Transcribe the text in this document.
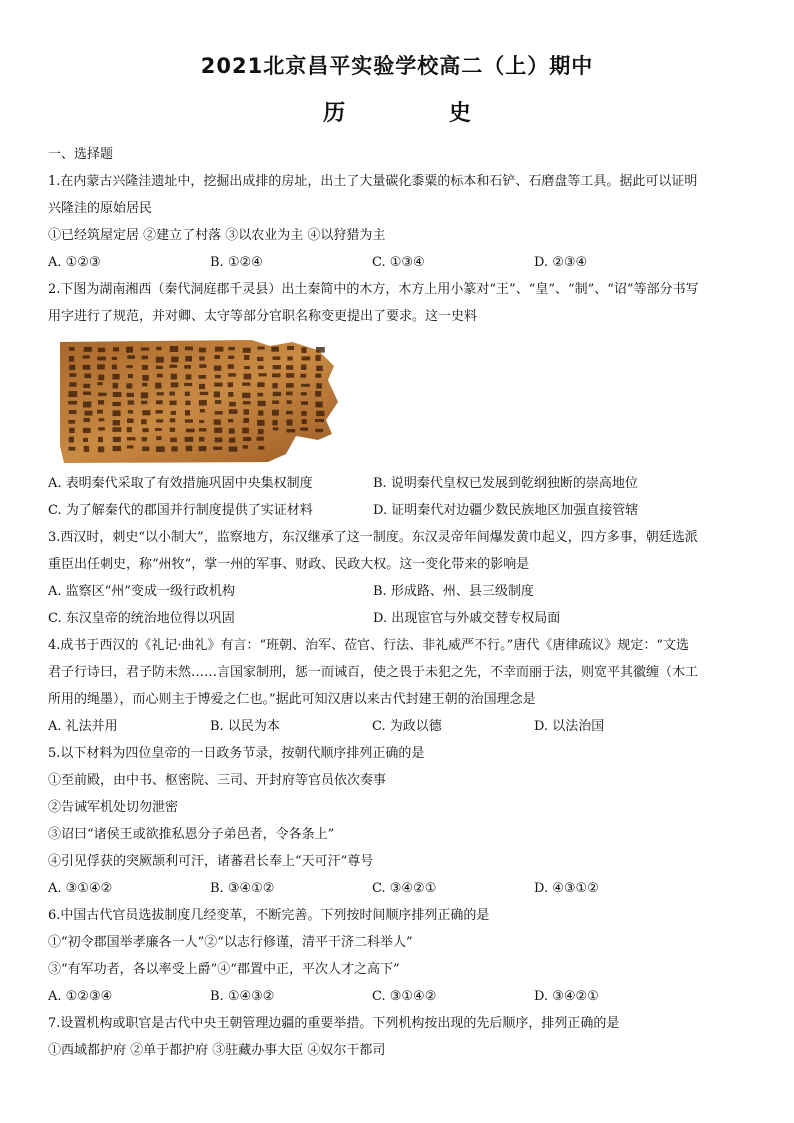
2021北京昌平实验学校高二（上）期中
历 史
一、选择题
1.在内蒙古兴隆洼遗址中，挖掘出成排的房址，出土了大量碳化黍粟的标本和石铲、石磨盘等工具。据此可以证明
兴隆洼的原始居民
①已经筑屋定居 ②建立了村落 ③以农业为主 ④以狩猎为主
A. ①②③	B. ①②④	C. ①③④	D. ②③④
2.下图为湖南湘西（秦代洞庭郡千灵县）出土秦简中的木方，木方上用小篆对“王”、“皇”、“制”、“诏”等部分书写
用字进行了规范，并对卿、太守等部分官职名称变更提出了要求。这一史料
A. 表明秦代采取了有效措施巩固中央集权制度	B. 说明秦代皇权已发展到乾纲独断的崇高地位
C. 为了解秦代的郡国并行制度提供了实证材料	D. 证明秦代对边疆少数民族地区加强直接管辖
3.西汉时，刺史“以小制大”，监察地方，东汉继承了这一制度。东汉灵帝年间爆发黄巾起义，四方多事，朝廷选派
重臣出任刺史，称“州牧”，掌一州的军事、财政、民政大权。这一变化带来的影响是
A. 监察区“州”变成一级行政机构	B. 形成路、州、县三级制度
C. 东汉皇帝的统治地位得以巩固	D. 出现宦官与外戚交替专权局面
4.成书于西汉的《礼记·曲礼》有言：“班朝、治军、莅官、行法、非礼威严不行。”唐代《唐律疏议》规定：“文选
君子行诗曰，君子防未然……言国家制刑，惩一而诫百，使之畏于未犯之先，不幸而丽于法，则宽平其徽缠（木工
所用的绳墨），而心则主于博爱之仁也。”据此可知汉唐以来古代封建王朝的治国理念是
A. 礼法并用	B. 以民为本	C. 为政以德	D. 以法治国
5.以下材料为四位皇帝的一日政务节录，按朝代顺序排列正确的是
①至前殿，由中书、枢密院、三司、开封府等官员依次奏事
②告诫军机处切勿泄密
③诏曰“诸侯王或欲推私恩分子弟邑者，令各条上”
④引见俘获的突厥颉利可汗，诸蕃君长奉上“天可汗”尊号
A. ③①④②	B. ③④①②	C. ③④②①	D. ④③①②
6.中国古代官员选拔制度几经变革，不断完善。下列按时间顺序排列正确的是
①“初令郡国举孝廉各一人”②“以志行修谨，清平干济二科举人”
③“有军功者，各以率受上爵”④“郡置中正，平次人才之高下”
A. ①②③④	B. ①④③②	C. ③①④②	D. ③④②①
7.设置机构或职官是古代中央王朝管理边疆的重要举措。下列机构按出现的先后顺序，排列正确的是
①西域都护府 ②单于都护府 ③驻藏办事大臣 ④奴尔干都司
